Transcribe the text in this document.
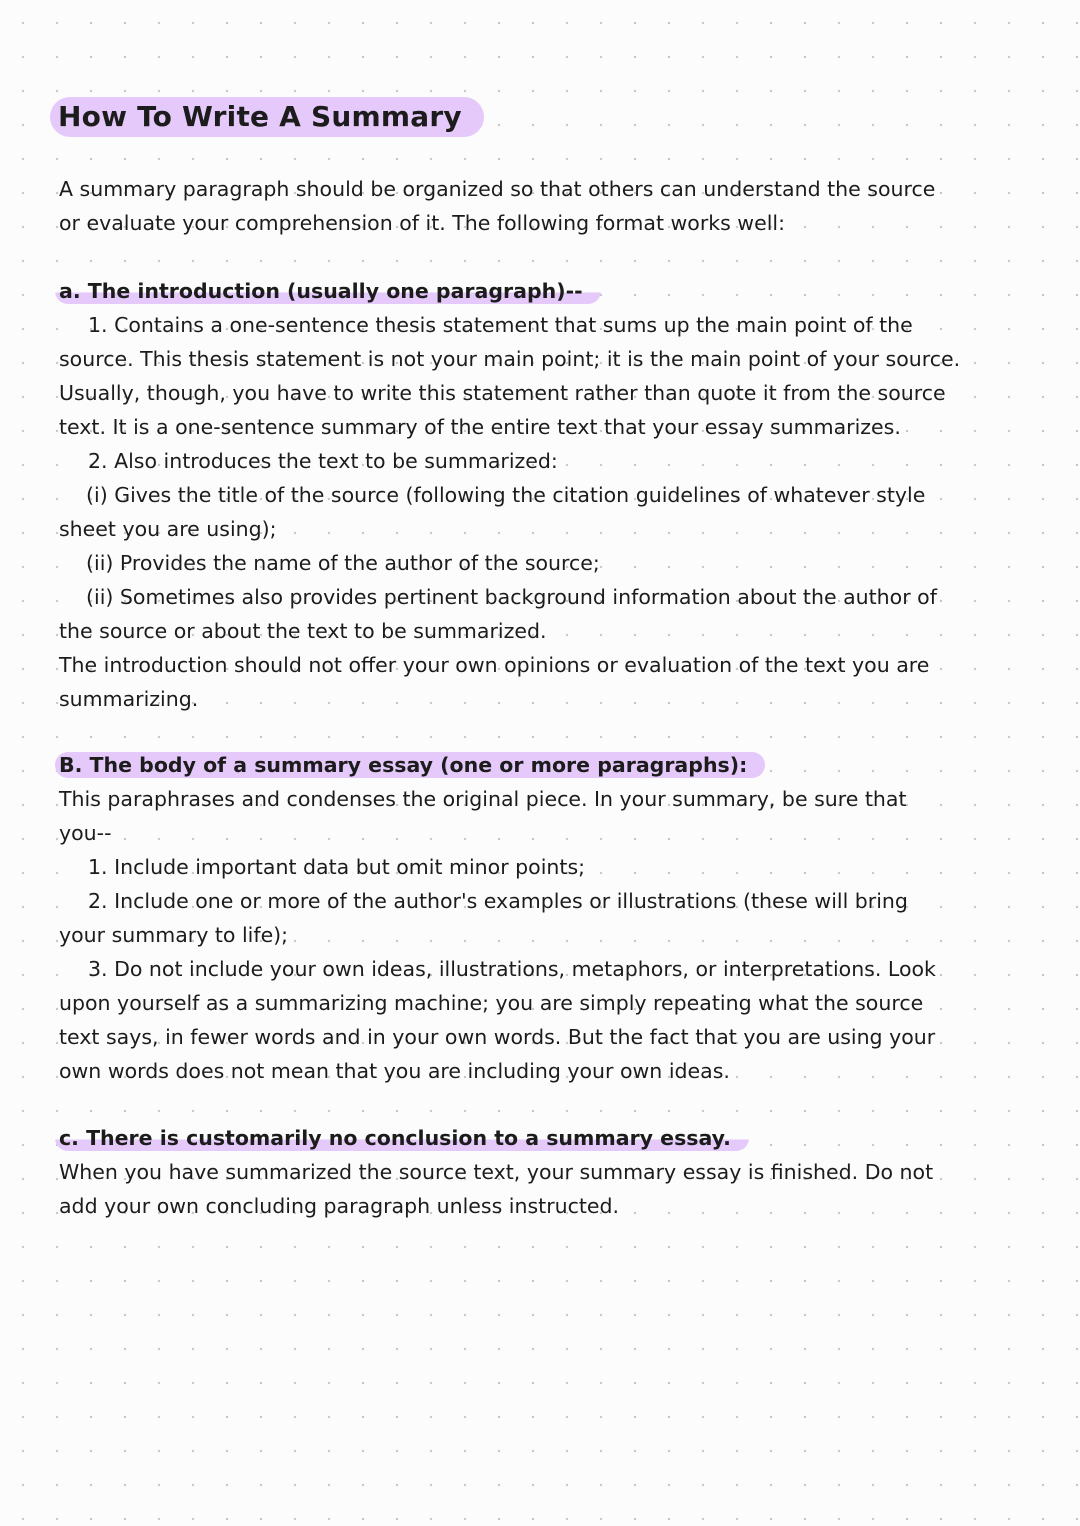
How To Write A Summary
A summary paragraph should be organized so that others can understand the source
or evaluate your comprehension of it. The following format works well:
a. The introduction (usually one paragraph)--
1. Contains a one-sentence thesis statement that sums up the main point of the
source. This thesis statement is not your main point; it is the main point of your source.
Usually, though, you have to write this statement rather than quote it from the source
text. It is a one-sentence summary of the entire text that your essay summarizes.
2. Also introduces the text to be summarized:
(i) Gives the title of the source (following the citation guidelines of whatever style
sheet you are using);
(ii) Provides the name of the author of the source;
(ii) Sometimes also provides pertinent background information about the author of
the source or about the text to be summarized.
The introduction should not offer your own opinions or evaluation of the text you are
summarizing.
B. The body of a summary essay (one or more paragraphs):
This paraphrases and condenses the original piece. In your summary, be sure that
you--
1. Include important data but omit minor points;
2. Include one or more of the author's examples or illustrations (these will bring
your summary to life);
3. Do not include your own ideas, illustrations, metaphors, or interpretations. Look
upon yourself as a summarizing machine; you are simply repeating what the source
text says, in fewer words and in your own words. But the fact that you are using your
own words does not mean that you are including your own ideas.
c. There is customarily no conclusion to a summary essay.
When you have summarized the source text, your summary essay is finished. Do not
add your own concluding paragraph unless instructed.
